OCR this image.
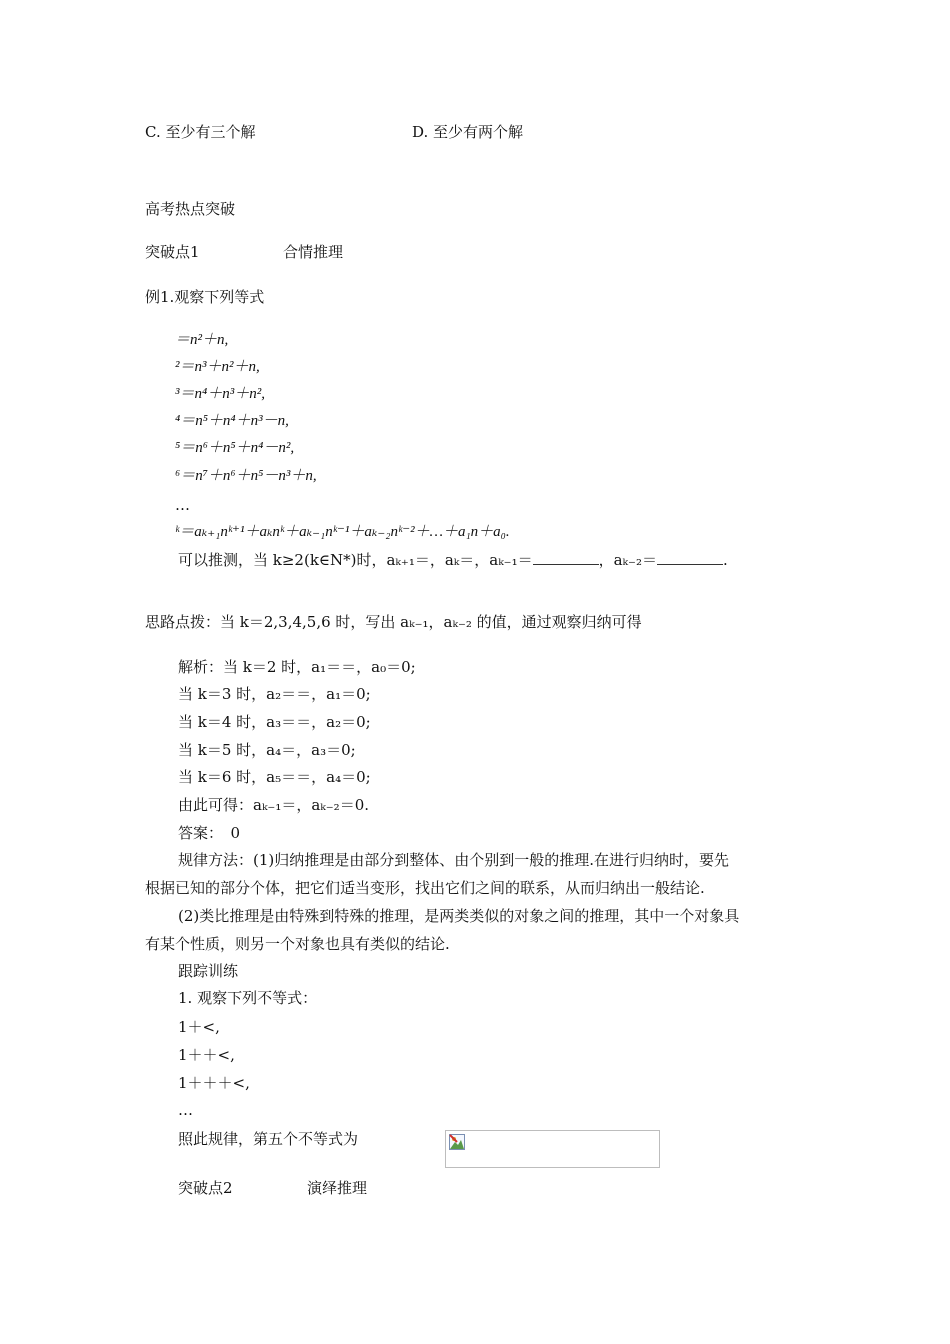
C. 至少有三个解	D. 至少有两个解
高考热点突破
突破点1	合情推理
例1.观察下列等式
＝n²＋n,
²＝n³＋n²＋n,
³＝n⁴＋n³＋n²,
⁴＝n⁵＋n⁴＋n³－n,
⁵＝n⁶＋n⁵＋n⁴－n²,
⁶＝n⁷＋n⁶＋n⁵－n³＋n,
…
ᵏ＝aₖ₊₁nᵏ⁺¹＋aₖnᵏ＋aₖ₋₁nᵏ⁻¹＋aₖ₋₂nᵏ⁻²＋…＋a₁n＋a₀.
可以推测，当 k≥2(k∈N*)时，aₖ₊₁＝，aₖ＝，aₖ₋₁＝	，aₖ₋₂＝	.
思路点拨：当 k＝2,3,4,5,6 时，写出 aₖ₋₁，aₖ₋₂ 的值，通过观察归纳可得
解析：当 k＝2 时，a₁＝＝，a₀＝0;
当 k＝3 时，a₂＝＝，a₁＝0;
当 k＝4 时，a₃＝＝，a₂＝0;
当 k＝5 时，a₄＝，a₃＝0;
当 k＝6 时，a₅＝＝，a₄＝0;
由此可得：aₖ₋₁＝，aₖ₋₂＝0.
答案：　0
规律方法：(1)归纳推理是由部分到整体、由个别到一般的推理.在进行归纳时，要先
根据已知的部分个体，把它们适当变形，找出它们之间的联系，从而归纳出一般结论.
(2)类比推理是由特殊到特殊的推理，是两类类似的对象之间的推理，其中一个对象具
有某个性质，则另一个对象也具有类似的结论.
跟踪训练
1. 观察下列不等式：
1＋<,
1＋＋<,
1＋＋＋<,
…
照此规律，第五个不等式为
突破点2	演绎推理
